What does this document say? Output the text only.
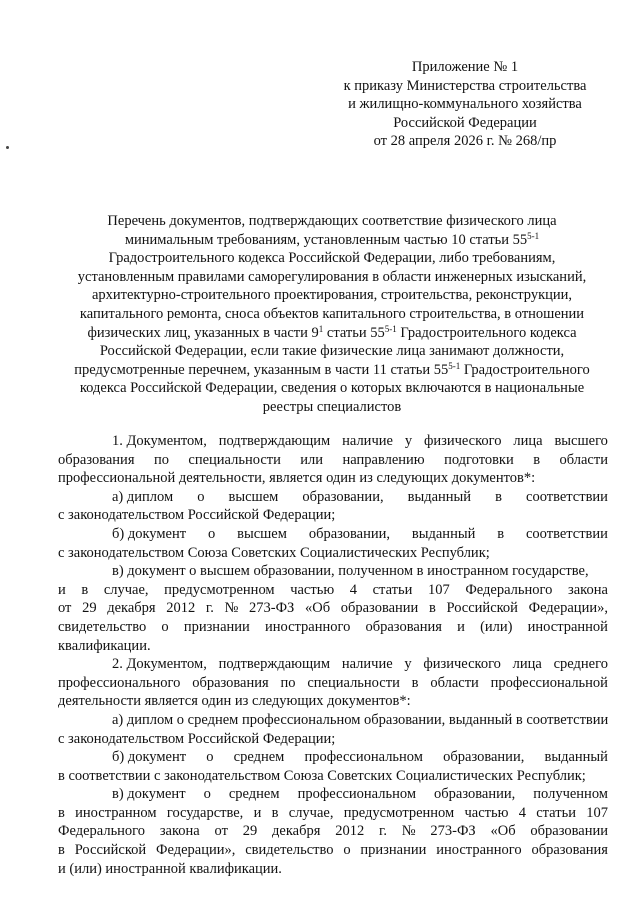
Приложение № 1
к приказу Министерства строительства
и жилищно-коммунального хозяйства
Российской Федерации
от 28 апреля 2026 г. № 268/пр
Перечень документов, подтверждающих соответствие физического лица
минимальным требованиям, установленным частью 10 статьи 55$^{5-1}$
Градостроительного кодекса Российской Федерации, либо требованиям,
установленным правилами саморегулирования в области инженерных изысканий,
архитектурно-строительного проектирования, строительства, реконструкции,
капитального ремонта, сноса объектов капитального строительства, в отношении
физических лиц, указанных в части $9^1$ статьи 55$^{5-1}$ Градостроительного кодекса
Российской Федерации, если такие физические лица занимают должности,
предусмотренные перечнем, указанным в части 11 статьи 55$^{5-1}$ Градостроительного
кодекса Российской Федерации, сведения о которых включаются в национальные
реестры специалистов
1. Документом, подтверждающим наличие у физического лица высшего
образования по специальности или направлению подготовки в области
профессиональной деятельности, является один из следующих документов*:
а) диплом о высшем образовании, выданный в соответствии
с законодательством Российской Федерации;
б) документ о высшем образовании, выданный в соответствии
с законодательством Союза Советских Социалистических Республик;
в) документ о высшем образовании, полученном в иностранном государстве,
и в случае, предусмотренном частью 4 статьи 107 Федерального закона
от 29 декабря 2012 г. № 273-ФЗ «Об образовании в Российской Федерации»,
свидетельство о признании иностранного образования и (или) иностранной
квалификации.
2. Документом, подтверждающим наличие у физического лица среднего
профессионального образования по специальности в области профессиональной
деятельности является один из следующих документов*:
а) диплом о среднем профессиональном образовании, выданный в соответствии
с законодательством Российской Федерации;
б) документ о среднем профессиональном образовании, выданный
в соответствии с законодательством Союза Советских Социалистических Республик;
в) документ о среднем профессиональном образовании, полученном
в иностранном государстве, и в случае, предусмотренном частью 4 статьи 107
Федерального закона от 29 декабря 2012 г. № 273-ФЗ «Об образовании
в Российской Федерации», свидетельство о признании иностранного образования
и (или) иностранной квалификации.
